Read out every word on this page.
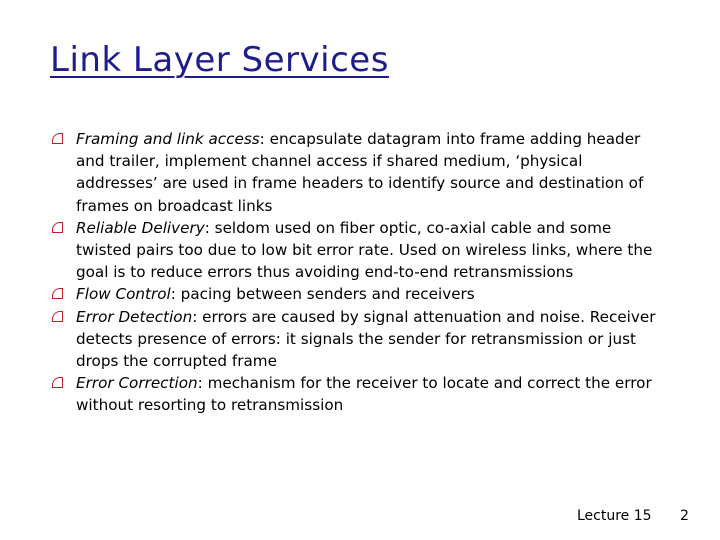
Link Layer Services
Framing and link access: encapsulate datagram into frame adding header and trailer, implement channel access if shared medium, ‘physical addresses’ are used in frame headers to identify source and destination of frames on broadcast links
Reliable Delivery: seldom used on fiber optic, co-axial cable and some twisted pairs too due to low bit error rate. Used on wireless links, where the goal is to reduce errors thus avoiding end-to-end retransmissions
Flow Control: pacing between senders and receivers
Error Detection: errors are caused by signal attenuation and noise. Receiver detects presence of errors: it signals the sender for retransmission or just drops the corrupted frame
Error Correction: mechanism for the receiver to locate and correct the error without resorting to retransmission
Lecture 15 2
